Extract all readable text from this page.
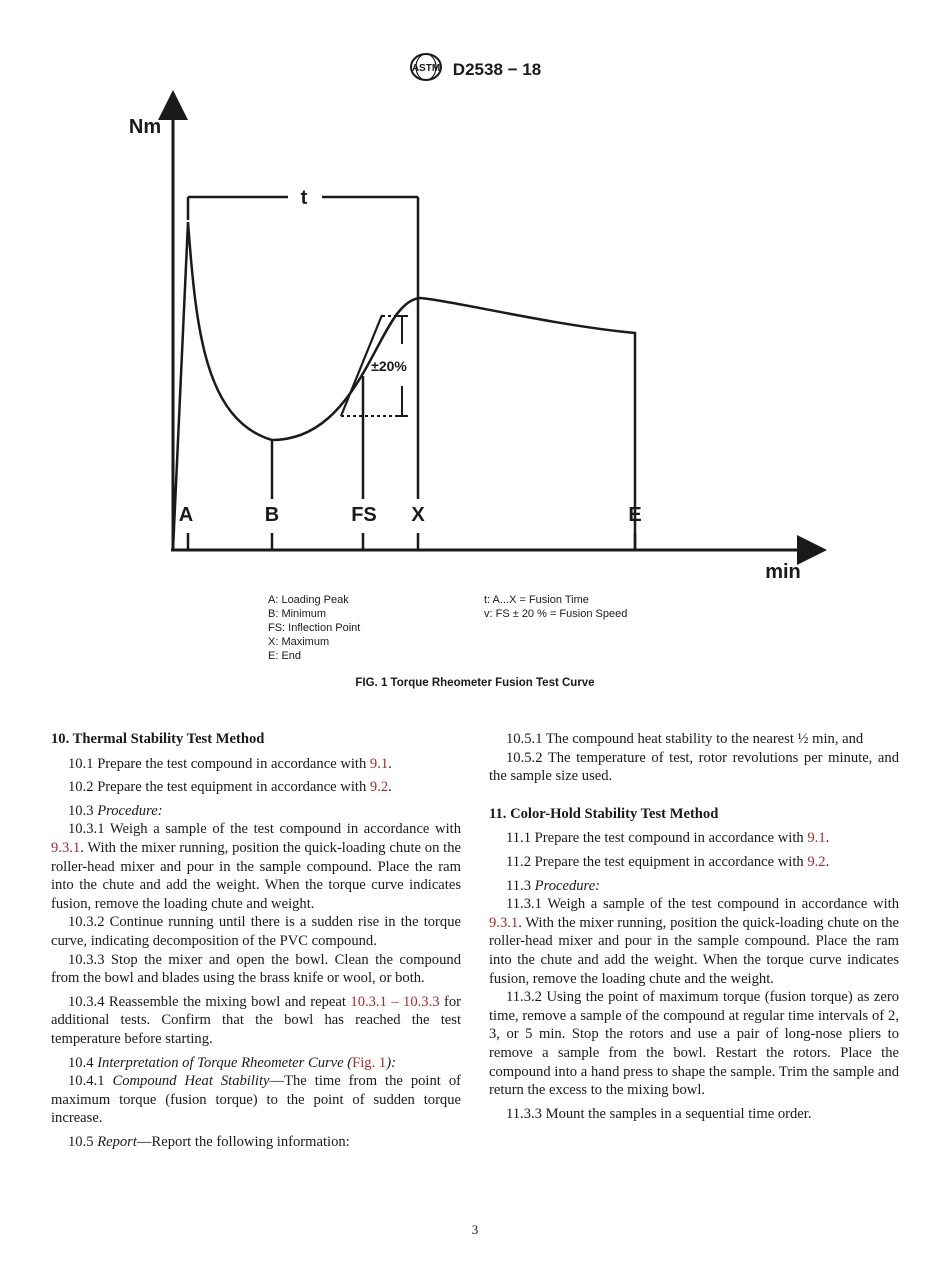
ASTM D2538 − 18
Nm
min
t
±20%
A	B	FS X	E
A: Loading Peak
B: Minimum
FS: Inflection Point
X: Maximum
E: End
t: A...X = Fusion Time
v: FS ± 20 % = Fusion Speed
FIG. 1 Torque Rheometer Fusion Test Curve
10. Thermal Stability Test Method

10.1 Prepare the test compound in accordance with 9.1.

10.2 Prepare the test equipment in accordance with 9.2.

10.3 Procedure:

10.3.1 Weigh a sample of the test compound in accordance with 9.3.1. With the mixer running, position the quick-loading chute on the roller-head mixer and pour in the sample compound. Place the ram into the chute and add the weight. When the torque curve indicates fusion, remove the loading chute and weight.

10.3.2 Continue running until there is a sudden rise in the torque curve, indicating decomposition of the PVC compound.

10.3.3 Stop the mixer and open the bowl. Clean the compound from the bowl and blades using the brass knife or wool, or both.

10.3.4 Reassemble the mixing bowl and repeat 10.3.1 – 10.3.3 for additional tests. Confirm that the bowl has reached the test temperature before starting.

10.4 Interpretation of Torque Rheometer Curve (Fig. 1):

10.4.1 Compound Heat Stability—The time from the point of maximum torque (fusion torque) to the point of sudden torque increase.

10.5 Report—Report the following information:

10.5.1 The compound heat stability to the nearest ½ min, and

10.5.2 The temperature of test, rotor revolutions per minute, and the sample size used.

11. Color-Hold Stability Test Method

11.1 Prepare the test compound in accordance with 9.1.

11.2 Prepare the test equipment in accordance with 9.2.

11.3 Procedure:

11.3.1 Weigh a sample of the test compound in accordance with 9.3.1. With the mixer running, position the quick-loading chute on the roller-head mixer and pour in the sample compound. Place the ram into the chute and add the weight. When the torque curve indicates fusion, remove the loading chute and the weight.

11.3.2 Using the point of maximum torque (fusion torque) as zero time, remove a sample of the compound at regular time intervals of 2, 3, or 5 min. Stop the rotors and use a pair of long-nose pliers to remove a sample from the bowl. Restart the rotors. Place the compound into a hand press to shape the sample. Trim the sample and return the excess to the mixing bowl.

11.3.3 Mount the samples in a sequential time order.

3
